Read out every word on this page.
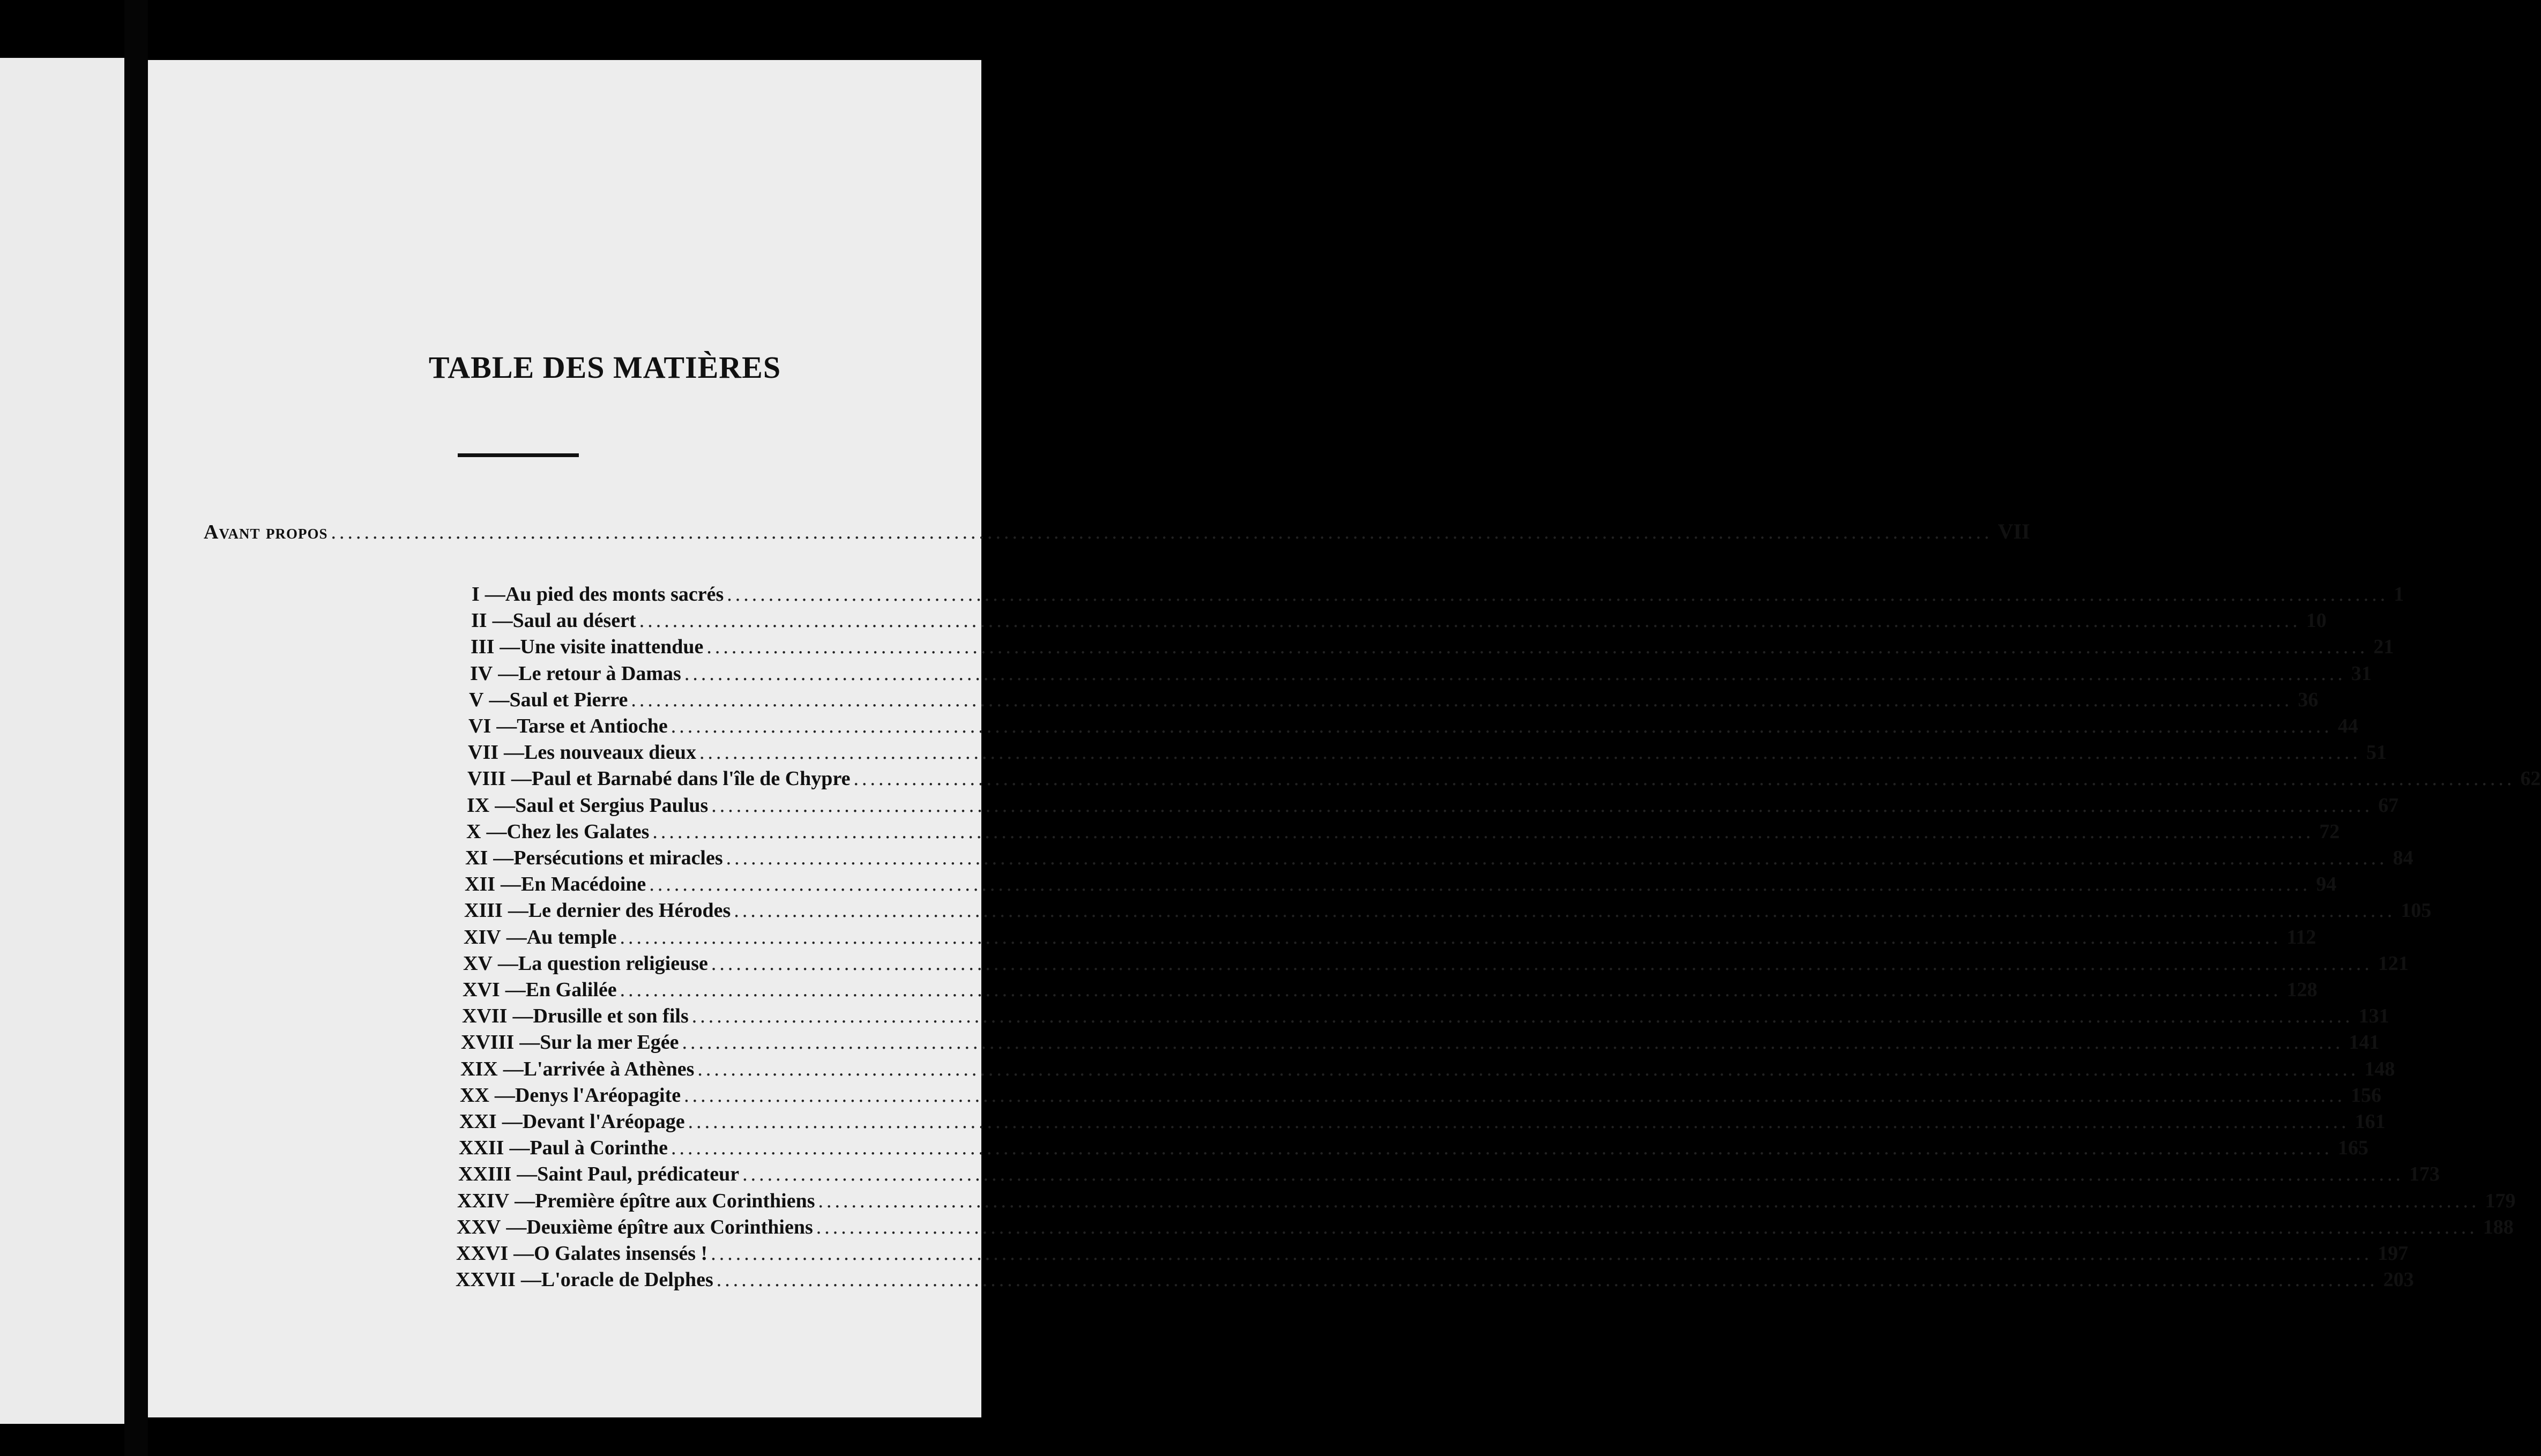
TABLE DES MATIÈRES
Avant propos ........................................................................................................................................................................................................ VII
I — Au pied des monts sacrés ........................................................................................................................................................................................................ 1
II — Saul au désert ........................................................................................................................................................................................................ 10
III — Une visite inattendue ........................................................................................................................................................................................................ 21
IV — Le retour à Damas ........................................................................................................................................................................................................ 31
V — Saul et Pierre ........................................................................................................................................................................................................ 36
VI — Tarse et Antioche ........................................................................................................................................................................................................ 44
VII — Les nouveaux dieux ........................................................................................................................................................................................................ 51
VIII — Paul et Barnabé dans l'île de Chypre ........................................................................................................................................................................................................ 62
IX — Saul et Sergius Paulus ........................................................................................................................................................................................................ 67
X — Chez les Galates ........................................................................................................................................................................................................ 72
XI — Persécutions et miracles ........................................................................................................................................................................................................ 84
XII — En Macédoine ........................................................................................................................................................................................................ 94
XIII — Le dernier des Hérodes ........................................................................................................................................................................................................ 105
XIV — Au temple ........................................................................................................................................................................................................ 112
XV — La question religieuse ........................................................................................................................................................................................................ 121
XVI — En Galilée ........................................................................................................................................................................................................ 128
XVII — Drusille et son fils ........................................................................................................................................................................................................ 131
XVIII — Sur la mer Egée ........................................................................................................................................................................................................ 141
XIX — L'arrivée à Athènes ........................................................................................................................................................................................................ 148
XX — Denys l'Aréopagite ........................................................................................................................................................................................................ 156
XXI — Devant l'Aréopage ........................................................................................................................................................................................................ 161
XXII — Paul à Corinthe ........................................................................................................................................................................................................ 165
XXIII — Saint Paul, prédicateur ........................................................................................................................................................................................................ 173
XXIV — Première épître aux Corinthiens ........................................................................................................................................................................................................ 179
XXV — Deuxième épître aux Corinthiens ........................................................................................................................................................................................................ 188
XXVI — O Galates insensés ! ........................................................................................................................................................................................................ 197
XXVII — L'oracle de Delphes ........................................................................................................................................................................................................ 203
